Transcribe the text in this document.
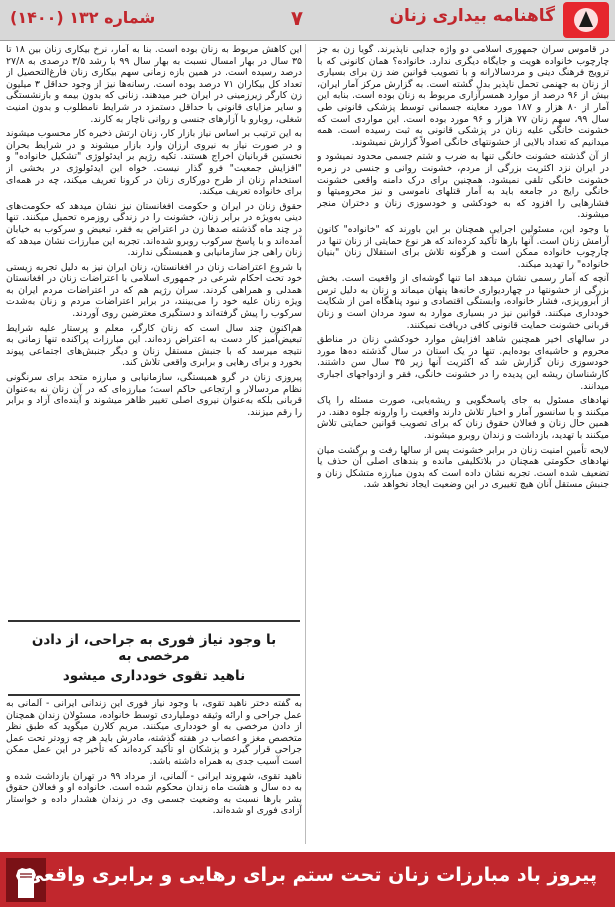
گاهنامه بیداری زنان
۷
شماره ۱۳۲ (۱۴۰۰)

در قاموس سران جمهوری اسلامی دو واژه جدایی ناپذیرند. گویا زن به جز چارچوب خانواده هویت و جایگاه دیگری ندارد. خانواده؟ همان کانونی که با ترویج فرهنگ دینی و مردسالارانه و با تصویب قوانین ضد زن برای بسیاری از زنان به جهنمی تحمل ناپذیر بدل گشته است. به گزارش مرکز آمار ایران، بیش از ۹۶ درصد از موارد همسرآزاری مربوط به زنان بوده است. بنابه این آمار از ۸۰ هزار و ۱۸۷ مورد معاینه جسمانی توسط پزشکی قانونی طی سال ۹۹، سهم زنان ۷۷ هزار و ۹۶ مورد بوده است. این مواردی است که خشونت خانگی علیه زنان در پزشکی قانونی به ثبت رسیده است. همه میدانیم که تعداد بالایی از خشونتهای خانگی اصولاً گزارش نمیشوند.

از آن گذشته خشونت خانگی تنها به ضرب و شتم جسمی محدود نمیشود و در ایران نزد اکثریت بزرگی از مردم، خشونت روانی و جنسی در زمره خشونت خانگی تلقی نمیشود. همچنین برای درک دامنه واقعی خشونت خانگی رایج در جامعه باید به آمار قتلهای ناموسی و نیز محرومیتها و فشارهایی را افزود که به خودکشی و خودسوزی زنان و دختران منجر میشوند.

با وجود این، مسئولین اجرایی همچنان بر این باورند که "خانواده" کانون آرامش زنان است. آنها بارها تأکید کرده‌اند که هر نوع حمایتی از زنان تنها در چارچوب خانواده ممکن است و هرگونه تلاش برای استقلال زنان "بنیان خانواده" را تهدید میکند.

آنچه که آمار رسمی نشان میدهد اما تنها گوشه‌ای از واقعیت است. بخش بزرگی از خشونتها در چهاردیواری خانه‌ها پنهان میماند و زنان به دلیل ترس از آبروریزی، فشار خانواده، وابستگی اقتصادی و نبود پناهگاه امن از شکایت خودداری میکنند. قوانین نیز در بسیاری موارد به سود مردان است و زنان قربانی خشونت حمایت قانونی کافی دریافت نمیکنند.

در سالهای اخیر همچنین شاهد افزایش موارد خودکشی زنان در مناطق محروم و حاشیه‌ای بوده‌ایم. تنها در یک استان در سال گذشته ده‌ها مورد خودسوزی زنان گزارش شد که اکثریت آنها زیر ۳۵ سال سن داشتند. کارشناسان ریشه این پدیده را در خشونت خانگی، فقر و ازدواجهای اجباری میدانند.

نهادهای مسئول به جای پاسخگویی و ریشه‌یابی، صورت مسئله را پاک میکنند و با سانسور آمار و اخبار تلاش دارند واقعیت را وارونه جلوه دهند. در همین حال زنان و فعالان حقوق زنان که برای تصویب قوانین حمایتی تلاش میکنند با تهدید، بازداشت و زندان روبرو میشوند.

لایحه تأمین امنیت زنان در برابر خشونت پس از سالها رفت و برگشت میان نهادهای حکومتی همچنان در بلاتکلیفی مانده و بندهای اصلی آن حذف یا تضعیف شده است. تجربه نشان داده است که بدون مبارزه متشکل زنان و جنبش مستقل آنان هیچ تغییری در این وضعیت ایجاد نخواهد شد.

این کاهش مربوط به زنان بوده است. بنا به آمار، نرخ بیکاری زنان بین ۱۸ تا ۳۵ سال در بهار امسال نسبت به بهار سال ۹۹ با رشد ۳/۵ درصدی به ۲۷/۸ درصد رسیده است. در همین بازه زمانی سهم بیکاری زنان فارغ‌التحصیل از تعداد کل بیکاران ۷۱ درصد بوده است. رسانه‌ها نیز از وجود حداقل ۳ میلیون زن کارگر زیرزمینی در ایران خبر میدهند. زنانی که بدون بیمه و بازنشستگی و سایر مزایای قانونی با حداقل دستمزد در شرایط نامطلوب و بدون امنیت شغلی، روبارو با آزارهای جنسی و روانی ناچار به کارند.

به این ترتیب بر اساس نیاز بازار کار، زنان ارتش ذخیره کار محسوب میشوند و در صورت نیاز به نیروی ارزان وارد بازار میشوند و در شرایط بحران نخستین قربانیان اخراج هستند. تکیه رژیم بر ایدئولوژی "تشکیل خانواده" و "افزایش جمعیت" فرو گذار نیست. خواه این ایدئولوژی در بخشی از استخدام زنان از طرح دورکاری زنان در کرونا تعریف میکند، چه در همه‌ای برای خانواده تعریف میکند.

حقوق زنان در ایران و حکومت افغانستان نیز نشان میدهد که حکومت‌های دینی به‌ویژه در برابر زنان، خشونت را در زندگی روزمره تحمیل میکنند. تنها در چند ماه گذشته صدها زن در اعتراض به فقر، تبعیض و سرکوب به خیابان آمده‌اند و با پاسخ سرکوب روبرو شده‌اند. تجربه این مبارزات نشان میدهد که زنان راهی جز سازمانیابی و همبستگی ندارند.

با شروع اعتراضات زنان در افغانستان، زنان ایران نیز به دلیل تجربه زیستی خود تحت احکام شرعی در جمهوری اسلامی با اعتراضات زنان در افغانستان همدلی و همراهی کردند. سران رژیم هم که در اعتراضات مردم ایران به ویژه زنان علیه خود را می‌بینند، در برابر اعتراضات مردم و زنان به‌شدت سرکوب را پیش گرفته‌اند و دستگیری معترضین روی آوردند.

هم‌اکنون چند سال است که زنان کارگر، معلم و پرستار علیه شرایط تبعیض‌آمیز کار دست به اعتراض زده‌اند. این مبارزات پراکنده تنها زمانی به نتیجه میرسد که با جنبش مستقل زنان و دیگر جنبش‌های اجتماعی پیوند بخورد و برای رهایی و برابری واقعی تلاش کند.

پیروزی زنان در گرو همبستگی، سازمانیابی و مبارزه متحد برای سرنگونی نظام مردسالار و ارتجاعی حاکم است؛ مبارزه‌ای که در آن زنان نه به‌عنوان قربانی بلکه به‌عنوان نیروی اصلی تغییر ظاهر میشوند و آینده‌ای آزاد و برابر را رقم میزنند.

با وجود نیاز فوری به جراحی، از دادن مرخصی به
ناهید تقوی خودداری میشود

به گفته دختر ناهید تقوی، با وجود نیاز فوری این زندانی ایرانی - آلمانی به عمل جراحی و ارائه وثیقه دوملیاردی توسط خانواده، مسئولان زندان همچنان از دادن مرخصی به او خودداری میکنند. مریم کلارن میگوید که طبق نظر متخصص مغز و اعصاب در هفته گذشته، مادرش باید هر چه زودتر تحت عمل جراحی قرار گیرد و پزشکان او تأکید کرده‌اند که تأخیر در این عمل ممکن است آسیب جدی به همراه داشته باشد.

ناهید تقوی، شهروند ایرانی - آلمانی، از مرداد ۹۹ در تهران بازداشت شده و به ده سال و هشت ماه زندان محکوم شده است. خانواده او و فعالان حقوق بشر بارها نسبت به وضعیت جسمی وی در زندان هشدار داده و خواستار آزادی فوری او شده‌اند.

پیروز باد مبارزات زنان تحت ستم برای رهایی و برابری واقعی
